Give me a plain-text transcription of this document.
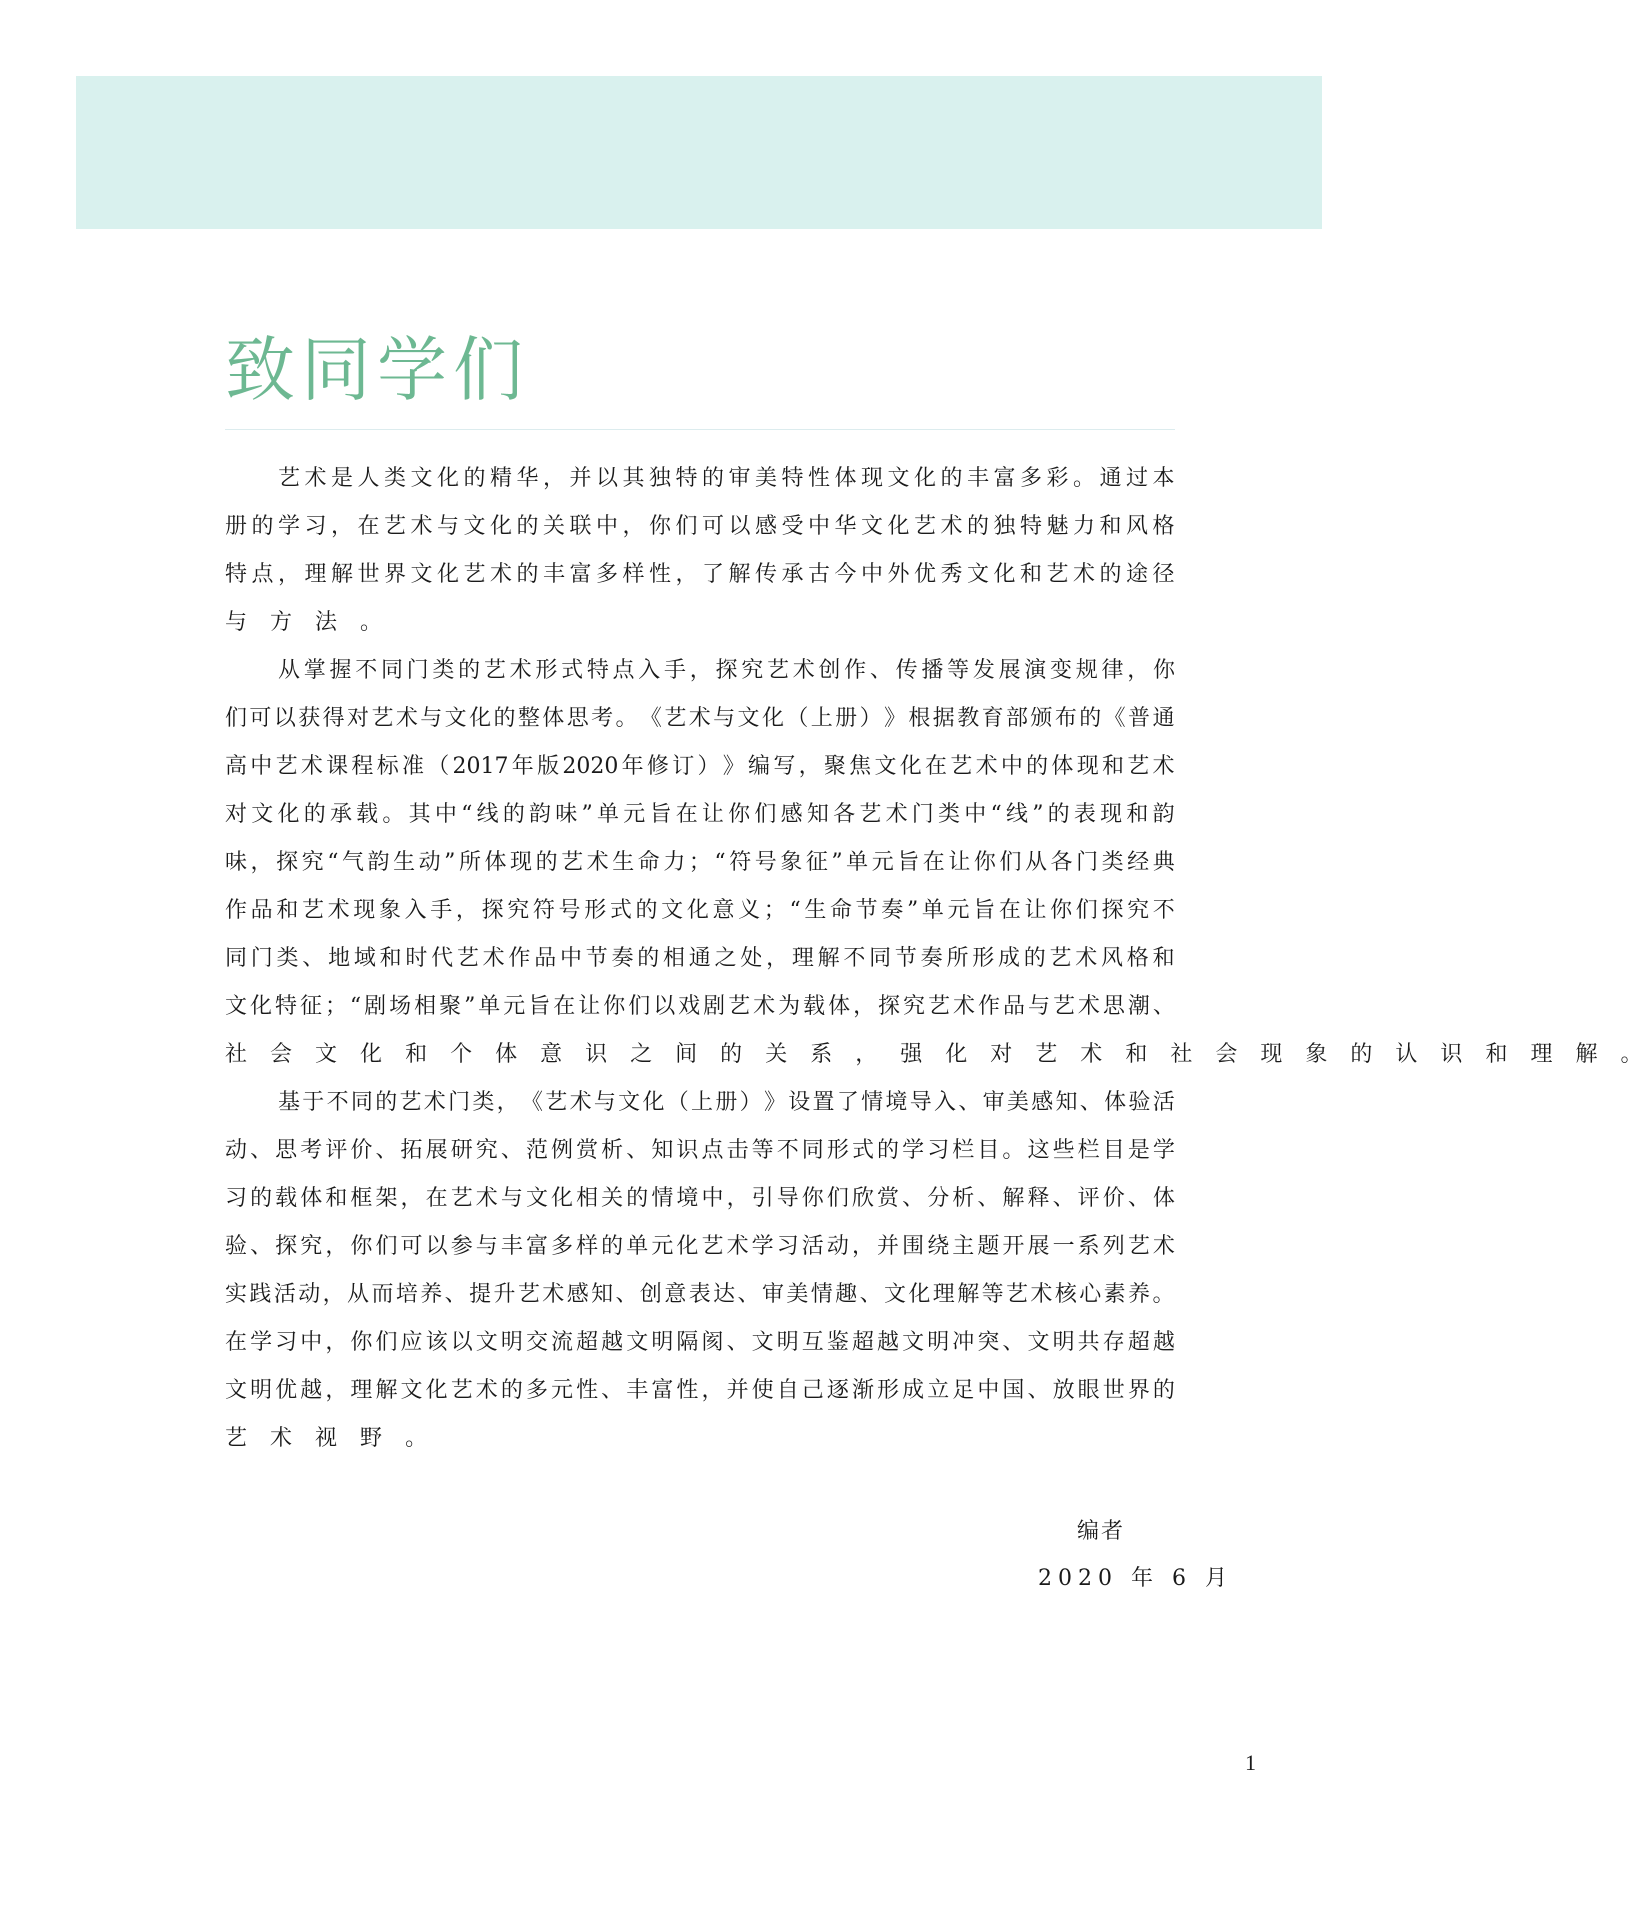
致同学们
艺 术 是 人 类 文 化 的 精 华 ， 并 以 其 独 特 的 审 美 特 性 体 现 文 化 的 丰 富 多 彩 。 通 过 本
册 的 学 习 ， 在 艺 术 与 文 化 的 关 联 中 ， 你 们 可 以 感 受 中 华 文 化 艺 术 的 独 特 魅 力 和 风 格
特 点 ， 理 解 世 界 文 化 艺 术 的 丰 富 多 样 性 ， 了 解 传 承 古 今 中 外 优 秀 文 化 和 艺 术 的 途 径
与 方 法 。
从 掌 握 不 同 门 类 的 艺 术 形 式 特 点 入 手 ， 探 究 艺 术 创 作 、 传 播 等 发 展 演 变 规 律 ， 你
们 可 以 获 得 对 艺 术 与 文 化 的 整 体 思 考 。 《 艺 术 与 文 化 （ 上 册 ） 》 根 据 教 育 部 颁 布 的 《 普 通
高 中 艺 术 课 程 标 准 （ 2017 年 版 2020 年 修 订 ） 》 编 写 ， 聚 焦 文 化 在 艺 术 中 的 体 现 和 艺 术
对 文 化 的 承 载 。 其 中 “ 线 的 韵 味 ” 单 元 旨 在 让 你 们 感 知 各 艺 术 门 类 中 “ 线 ” 的 表 现 和 韵
味 ， 探 究 “ 气 韵 生 动 ” 所 体 现 的 艺 术 生 命 力 ； “ 符 号 象 征 ” 单 元 旨 在 让 你 们 从 各 门 类 经 典
作 品 和 艺 术 现 象 入 手 ， 探 究 符 号 形 式 的 文 化 意 义 ； “ 生 命 节 奏 ” 单 元 旨 在 让 你 们 探 究 不
同 门 类 、 地 域 和 时 代 艺 术 作 品 中 节 奏 的 相 通 之 处 ， 理 解 不 同 节 奏 所 形 成 的 艺 术 风 格 和
文 化 特 征 ； “ 剧 场 相 聚 ” 单 元 旨 在 让 你 们 以 戏 剧 艺 术 为 载 体 ， 探 究 艺 术 作 品 与 艺 术 思 潮 、
社 会 文 化 和 个 体 意 识 之 间 的 关 系 ， 强 化 对 艺 术 和 社 会 现 象 的 认 识 和 理 解 。
基 于 不 同 的 艺 术 门 类 ， 《 艺 术 与 文 化 （ 上 册 ） 》 设 置 了 情 境 导 入 、 审 美 感 知 、 体 验 活
动 、 思 考 评 价 、 拓 展 研 究 、 范 例 赏 析 、 知 识 点 击 等 不 同 形 式 的 学 习 栏 目 。 这 些 栏 目 是 学
习 的 载 体 和 框 架 ， 在 艺 术 与 文 化 相 关 的 情 境 中 ， 引 导 你 们 欣 赏 、 分 析 、 解 释 、 评 价 、 体
验 、 探 究 ， 你 们 可 以 参 与 丰 富 多 样 的 单 元 化 艺 术 学 习 活 动 ， 并 围 绕 主 题 开 展 一 系 列 艺 术
实 践 活 动 ， 从 而 培 养 、 提 升 艺 术 感 知 、 创 意 表 达 、 审 美 情 趣 、 文 化 理 解 等 艺 术 核 心 素 养 。
在 学 习 中 ， 你 们 应 该 以 文 明 交 流 超 越 文 明 隔 阂 、 文 明 互 鉴 超 越 文 明 冲 突 、 文 明 共 存 超 越
文 明 优 越 ， 理 解 文 化 艺 术 的 多 元 性 、 丰 富 性 ， 并 使 自 己 逐 渐 形 成 立 足 中 国 、 放 眼 世 界 的
艺 术 视 野 。
编者
2020 年 6 月
1
